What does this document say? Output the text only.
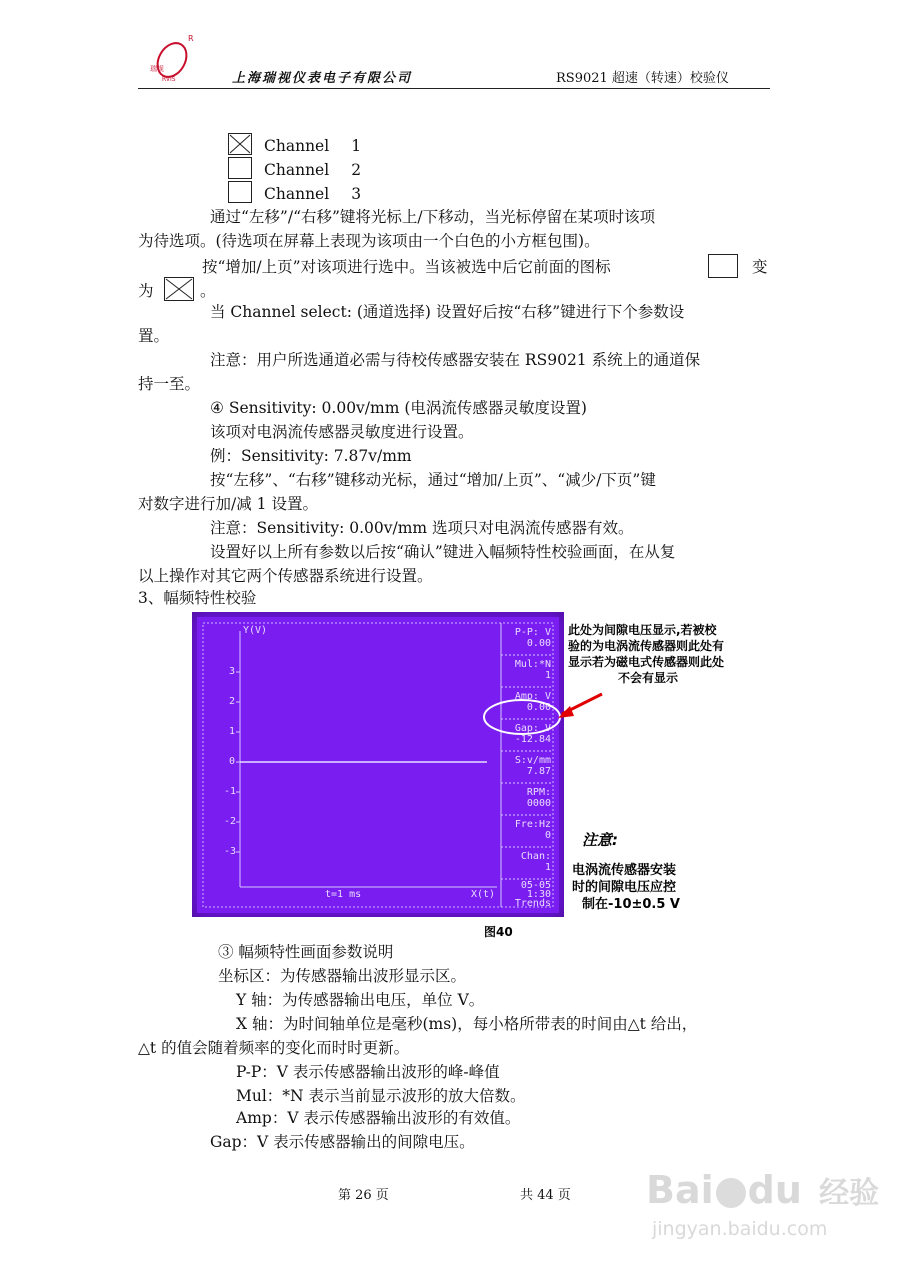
瑞视
RVIS
R
上海瑞视仪表电子有限公司	RS9021 超速（转速）校验仪
Channel 1
Channel 2
Channel 3
通过“左移”/“右移”键将光标上/下移动，当光标停留在某项时该项
为待选项。(待选项在屏幕上表现为该项由一个白色的小方框包围)。
按“增加/上页”对该项进行选中。当该被选中后它前面的图标	变
为	。
当 Channel select: (通道选择) 设置好后按“右移”键进行下个参数设
置。
注意：用户所选通道必需与待校传感器安装在 RS9021 系统上的通道保
持一至。
④ Sensitivity: 0.00v/mm (电涡流传感器灵敏度设置)
该项对电涡流传感器灵敏度进行设置。
例：Sensitivity: 7.87v/mm
按“左移”、“右移”键移动光标，通过“增加/上页”、“减少/下页”键
对数字进行加/减 1 设置。
注意：Sensitivity: 0.00v/mm 选项只对电涡流传感器有效。
设置好以上所有参数以后按“确认”键进入幅频特性校验画面，在从复
以上操作对其它两个传感器系统进行设置。
3、幅频特性校验
Y(V)
3
2
1
0
-1
-2
-3
t=1 ms	X(t)
P-P: V
0.00
Mul:*N
1
Amp: V
0.00
Gap: V
-12.84
S:v/mm
7.87
RPM:
0000
Fre:Hz
0
Chan:
1
05-05
1:30
Trends
此处为间隙电压显示,若被校
验的为电涡流传感器则此处有
显示若为磁电式传感器则此处
不会有显示
注意:
电涡流传感器安装
时的间隙电压应控
制在-10±0.5 V
图40
③ 幅频特性画面参数说明
坐标区：为传感器输出波形显示区。
Y 轴：为传感器输出电压，单位 V。
X 轴：为时间轴单位是毫秒(ms)，每小格所带表的时间由△t 给出，
△t 的值会随着频率的变化而时时更新。
P-P：V 表示传感器输出波形的峰-峰值
Mul：*N 表示当前显示波形的放大倍数。
Amp：V 表示传感器输出波形的有效值。
Gap：V 表示传感器输出的间隙电压。
第 26 页	共 44 页 Bai du 经验
jingyan.baidu.com
